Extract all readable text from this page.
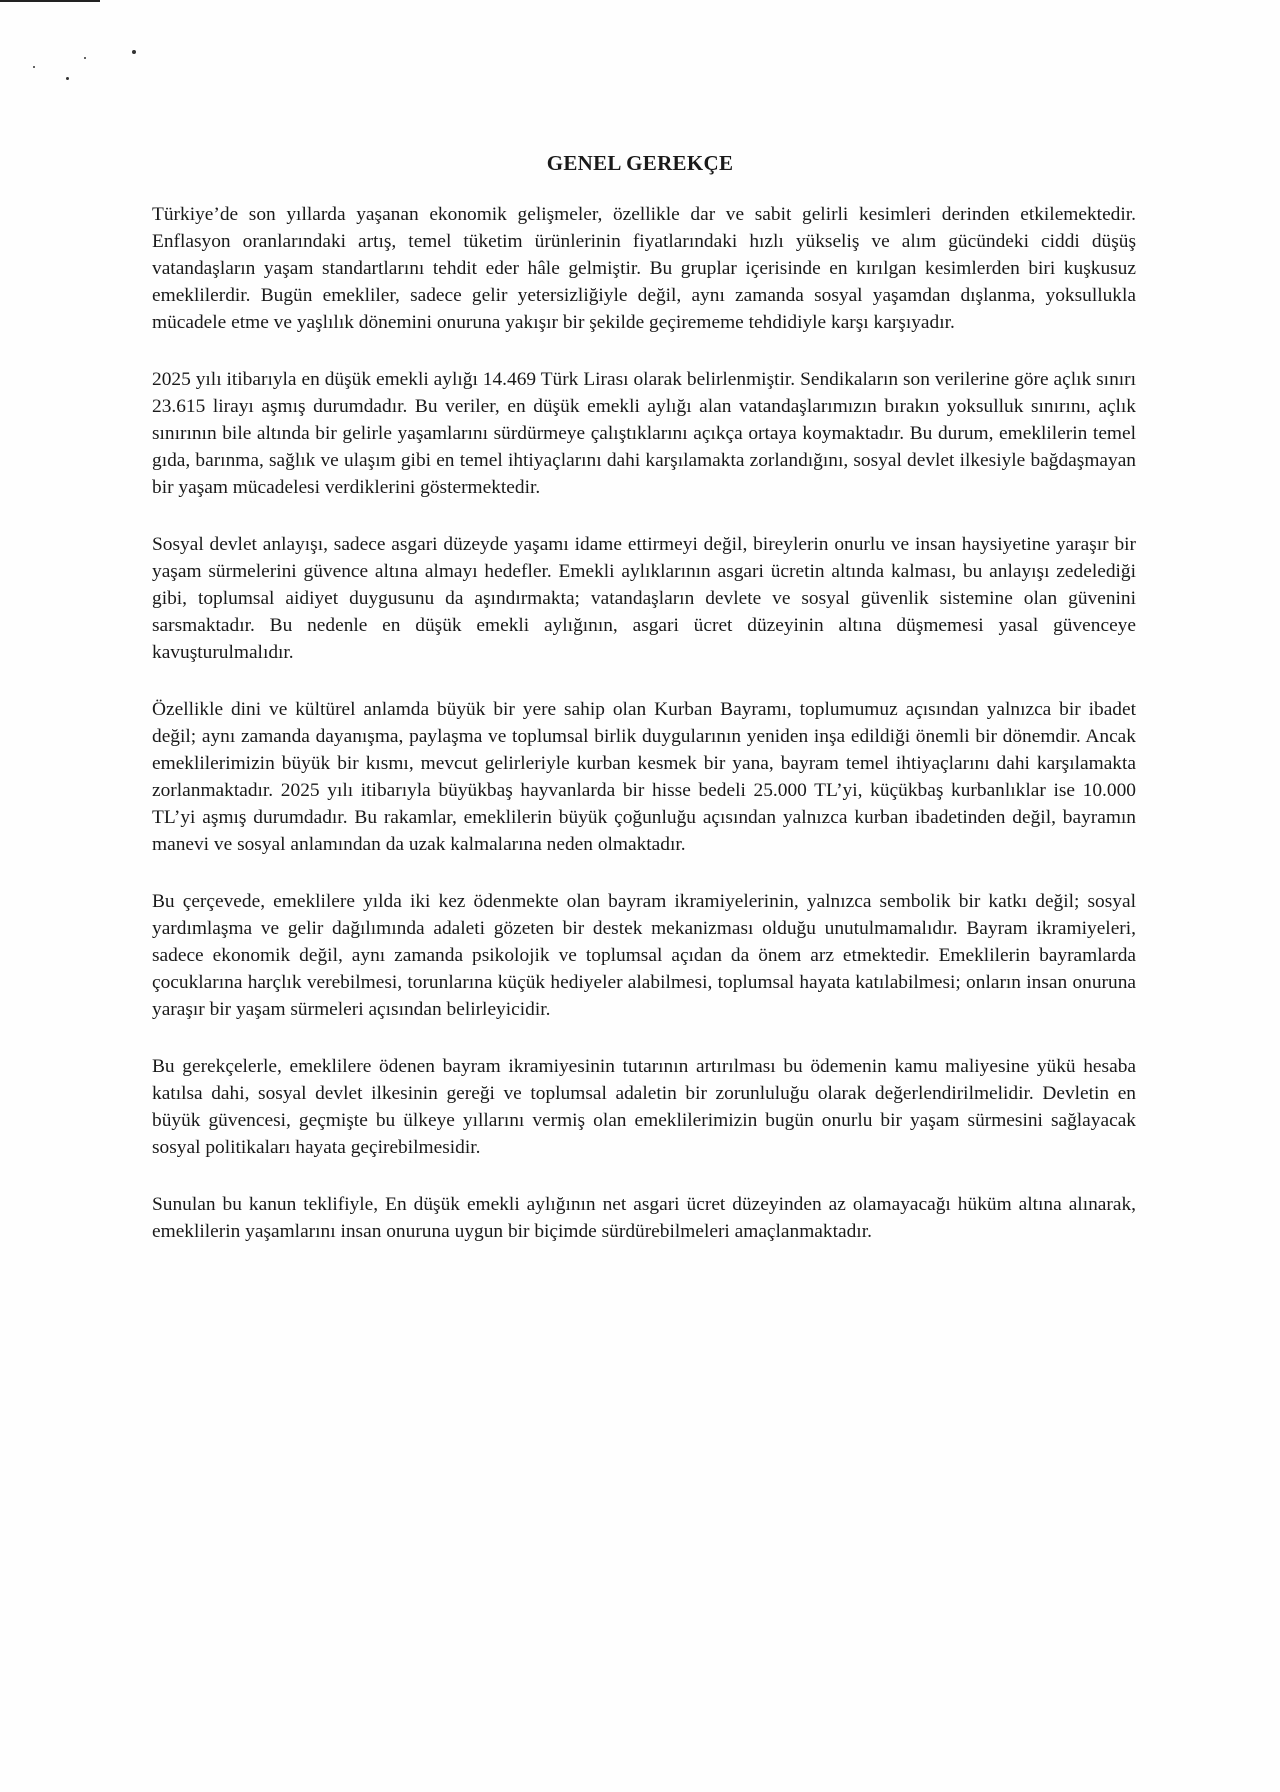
GENEL GEREKÇE

Türkiye’de son yıllarda yaşanan ekonomik gelişmeler, özellikle dar ve sabit gelirli kesimleri derinden etkilemektedir. Enflasyon oranlarındaki artış, temel tüketim ürünlerinin fiyatlarındaki hızlı yükseliş ve alım gücündeki ciddi düşüş vatandaşların yaşam standartlarını tehdit eder hâle gelmiştir. Bu gruplar içerisinde en kırılgan kesimlerden biri kuşkusuz emeklilerdir. Bugün emekliler, sadece gelir yetersizliğiyle değil, aynı zamanda sosyal yaşamdan dışlanma, yoksullukla mücadele etme ve yaşlılık dönemini onuruna yakışır bir şekilde geçirememe tehdidiyle karşı karşıyadır.

2025 yılı itibarıyla en düşük emekli aylığı 14.469 Türk Lirası olarak belirlenmiştir. Sendikaların son verilerine göre açlık sınırı 23.615 lirayı aşmış durumdadır. Bu veriler, en düşük emekli aylığı alan vatandaşlarımızın bırakın yoksulluk sınırını, açlık sınırının bile altında bir gelirle yaşamlarını sürdürmeye çalıştıklarını açıkça ortaya koymaktadır. Bu durum, emeklilerin temel gıda, barınma, sağlık ve ulaşım gibi en temel ihtiyaçlarını dahi karşılamakta zorlandığını, sosyal devlet ilkesiyle bağdaşmayan bir yaşam mücadelesi verdiklerini göstermektedir.

Sosyal devlet anlayışı, sadece asgari düzeyde yaşamı idame ettirmeyi değil, bireylerin onurlu ve insan haysiyetine yaraşır bir yaşam sürmelerini güvence altına almayı hedefler. Emekli aylıklarının asgari ücretin altında kalması, bu anlayışı zedelediği gibi, toplumsal aidiyet duygusunu da aşındırmakta; vatandaşların devlete ve sosyal güvenlik sistemine olan güvenini sarsmaktadır. Bu nedenle en düşük emekli aylığının, asgari ücret düzeyinin altına düşmemesi yasal güvenceye kavuşturulmalıdır.

Özellikle dini ve kültürel anlamda büyük bir yere sahip olan Kurban Bayramı, toplumumuz açısından yalnızca bir ibadet değil; aynı zamanda dayanışma, paylaşma ve toplumsal birlik duygularının yeniden inşa edildiği önemli bir dönemdir. Ancak emeklilerimizin büyük bir kısmı, mevcut gelirleriyle kurban kesmek bir yana, bayram temel ihtiyaçlarını dahi karşılamakta zorlanmaktadır. 2025 yılı itibarıyla büyükbaş hayvanlarda bir hisse bedeli 25.000 TL’yi, küçükbaş kurbanlıklar ise 10.000 TL’yi aşmış durumdadır. Bu rakamlar, emeklilerin büyük çoğunluğu açısından yalnızca kurban ibadetinden değil, bayramın manevi ve sosyal anlamından da uzak kalmalarına neden olmaktadır.

Bu çerçevede, emeklilere yılda iki kez ödenmekte olan bayram ikramiyelerinin, yalnızca sembolik bir katkı değil; sosyal yardımlaşma ve gelir dağılımında adaleti gözeten bir destek mekanizması olduğu unutulmamalıdır. Bayram ikramiyeleri, sadece ekonomik değil, aynı zamanda psikolojik ve toplumsal açıdan da önem arz etmektedir. Emeklilerin bayramlarda çocuklarına harçlık verebilmesi, torunlarına küçük hediyeler alabilmesi, toplumsal hayata katılabilmesi; onların insan onuruna yaraşır bir yaşam sürmeleri açısından belirleyicidir.

Bu gerekçelerle, emeklilere ödenen bayram ikramiyesinin tutarının artırılması bu ödemenin kamu maliyesine yükü hesaba katılsa dahi, sosyal devlet ilkesinin gereği ve toplumsal adaletin bir zorunluluğu olarak değerlendirilmelidir. Devletin en büyük güvencesi, geçmişte bu ülkeye yıllarını vermiş olan emeklilerimizin bugün onurlu bir yaşam sürmesini sağlayacak sosyal politikaları hayata geçirebilmesidir.

Sunulan bu kanun teklifiyle, En düşük emekli aylığının net asgari ücret düzeyinden az olamayacağı hüküm altına alınarak, emeklilerin yaşamlarını insan onuruna uygun bir biçimde sürdürebilmeleri amaçlanmaktadır.
